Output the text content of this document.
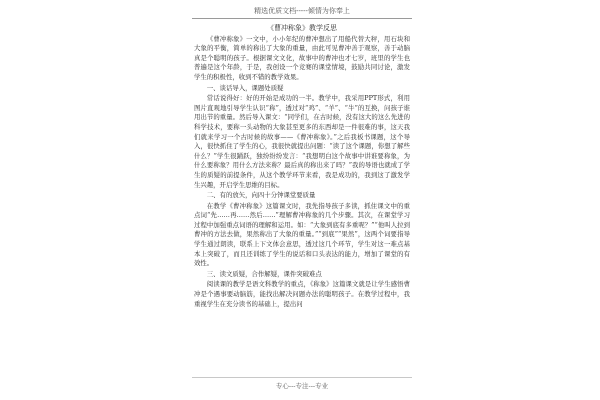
精选优质文档-----倾情为你奉上
《曹冲称象》教学反思

《曹冲称象》一文中，小小年纪的曹冲想出了用船代替大秤，用石块和大象的平衡，简单的称出了大象的重量，由此可见曹冲善于观察，善于动脑真是个聪明的孩子。根据课文文化，故事中的曹冲也才七岁，班里的学生也普遍是这个年龄，于是，我创设一个竞赛的课堂情境，鼓励共同讨论，激发学生的积极性，收到不错的教学效果。

一、谈话导入，课题处质疑

常话说得好：好的开始是成功的一半。教学中，我采用PPT形式，利用图片直观地引导学生认识“称”，透过对“鸡”、“羊”、“牛”的互换，问孩子谁用出节的重量。然后导入课文：“同学们，在古时候，没有这大的这么先进的科学技术，要称一头动物的大象甚至更多的东西却是一件很难的事，这天我们就来学习一个古时候的故事——《曹冲称象》。”之后我板书课题，这个导入，很快抓住了学生的心，我很快就提出问题：“读了这个课题，你想了解些什么？”学生很踊跃，独纷纷纷发言：“我想明白这个故事中讲谁要称象，为什么要称象？用什么方法来称？最后真的称出来了吗？”我的导语也就成了学生的质疑的前提条件，从这个教学环节来看，我是成功的，我到这了激发学生兴趣，开启学生思维的目标。

二、有的放矢，向四十分钟课堂要质量

在教学《曹冲称象》这篇课文时，我先指导孩子多读，抓住课文中的重点词“先……再……然后……”理解曹冲称象的几个步骤。其次，在课堂学习过程中加强重点词语的理解和运用。如：“大象到底有多重呢？”“他叫人拉到曹冲的方法去做，果然称出了大象的重量。”“到底”“果然”，这两个词要指导学生通过朗读，联系上下文体会意思，透过这几个环节，学生对这一难点基本上突破了，而且还训练了学生的说话和口头表达的能力，增加了课堂的有效性。

三、读文质疑，合作解疑，课件突破难点

阅读课的教学是语文科教学的重点，《称象》这篇课文就是让学生感悟曹冲是个遇事要动脑筋，能找出解决问题办法的聪明孩子。在教学过程中，我重视学生在充分读书的基础上，提出问

专心---专注---专业
